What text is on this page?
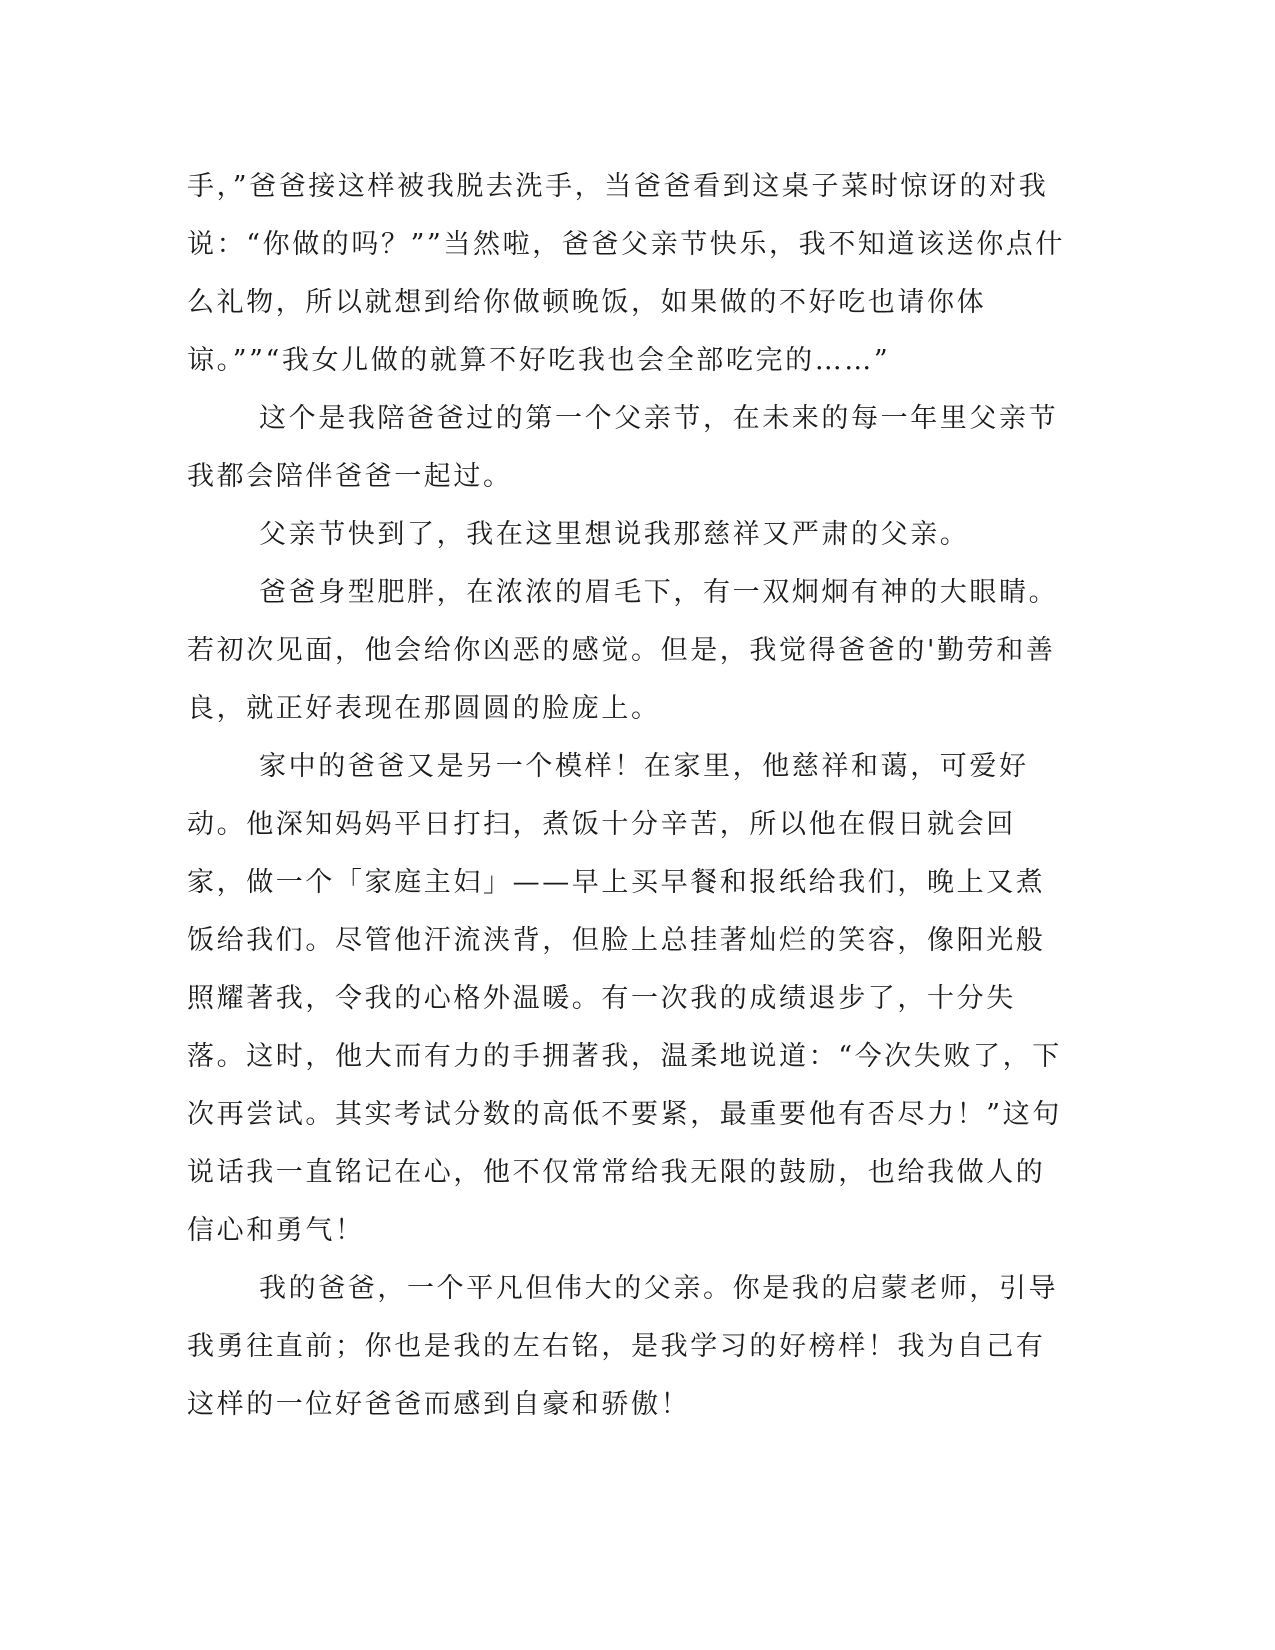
手，”爸爸接这样被我脱去洗手，当爸爸看到这桌子菜时惊讶的对我说：“你做的吗？””当然啦，爸爸父亲节快乐，我不知道该送你点什么礼物，所以就想到给你做顿晚饭，如果做的不好吃也请你体谅。””“我女儿做的就算不好吃我也会全部吃完的……”

这个是我陪爸爸过的第一个父亲节，在未来的每一年里父亲节我都会陪伴爸爸一起过。

父亲节快到了，我在这里想说我那慈祥又严肃的父亲。

爸爸身型肥胖，在浓浓的眉毛下，有一双炯炯有神的大眼睛。若初次见面，他会给你凶恶的感觉。但是，我觉得爸爸的'勤劳和善良，就正好表现在那圆圆的脸庞上。

家中的爸爸又是另一个模样！在家里，他慈祥和蔼，可爱好动。他深知妈妈平日打扫，煮饭十分辛苦，所以他在假日就会回家，做一个「家庭主妇」——早上买早餐和报纸给我们，晚上又煮饭给我们。尽管他汗流浃背，但脸上总挂著灿烂的笑容，像阳光般照耀著我，令我的心格外温暖。有一次我的成绩退步了，十分失落。这时，他大而有力的手拥著我，温柔地说道：“今次失败了，下次再尝试。其实考试分数的高低不要紧，最重要他有否尽力！”这句说话我一直铭记在心，他不仅常常给我无限的鼓励，也给我做人的信心和勇气！

我的爸爸，一个平凡但伟大的父亲。你是我的启蒙老师，引导我勇往直前；你也是我的左右铭，是我学习的好榜样！我为自己有这样的一位好爸爸而感到自豪和骄傲！
